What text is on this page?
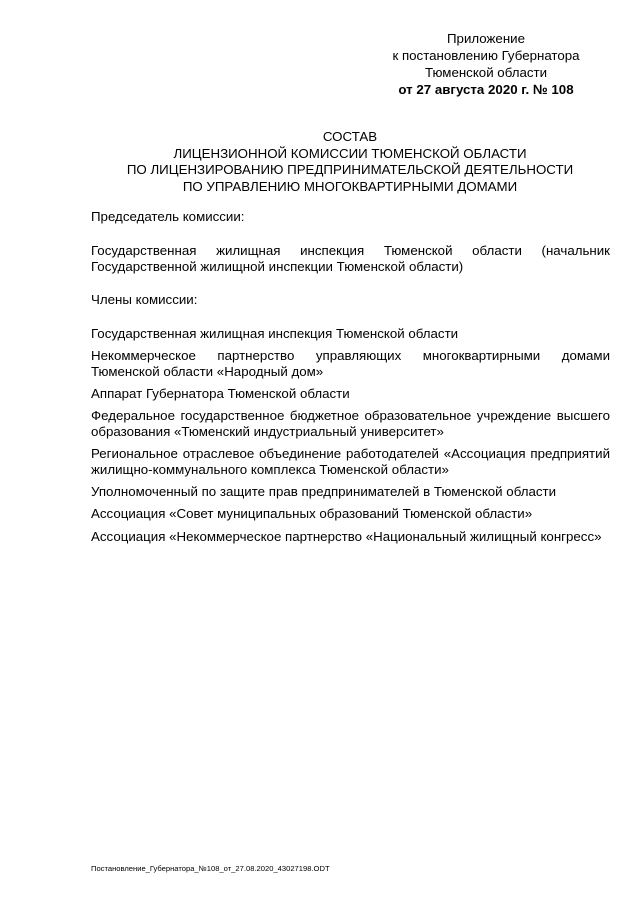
Приложение
к постановлению Губернатора
Тюменской области
от 27 августа 2020 г. № 108
СОСТАВ
ЛИЦЕНЗИОННОЙ КОМИССИИ ТЮМЕНСКОЙ ОБЛАСТИ
ПО ЛИЦЕНЗИРОВАНИЮ ПРЕДПРИНИМАТЕЛЬСКОЙ ДЕЯТЕЛЬНОСТИ
ПО УПРАВЛЕНИЮ МНОГОКВАРТИРНЫМИ ДОМАМИ
Председатель комиссии:
Государственная жилищная инспекция Тюменской области (начальник Государственной жилищной инспекции Тюменской области)
Члены комиссии:
Государственная жилищная инспекция Тюменской области
Некоммерческое партнерство управляющих многоквартирными домами Тюменской области «Народный дом»
Аппарат Губернатора Тюменской области
Федеральное государственное бюджетное образовательное учреждение высшего образования «Тюменский индустриальный университет»
Региональное отраслевое объединение работодателей «Ассоциация предприятий жилищно-коммунального комплекса Тюменской области»
Уполномоченный по защите прав предпринимателей в Тюменской области
Ассоциация «Совет муниципальных образований Тюменской области»
Ассоциация «Некоммерческое партнерство «Национальный жилищный конгресс»
Постановление_Губернатора_№108_от_27.08.2020_43027198.ODT
